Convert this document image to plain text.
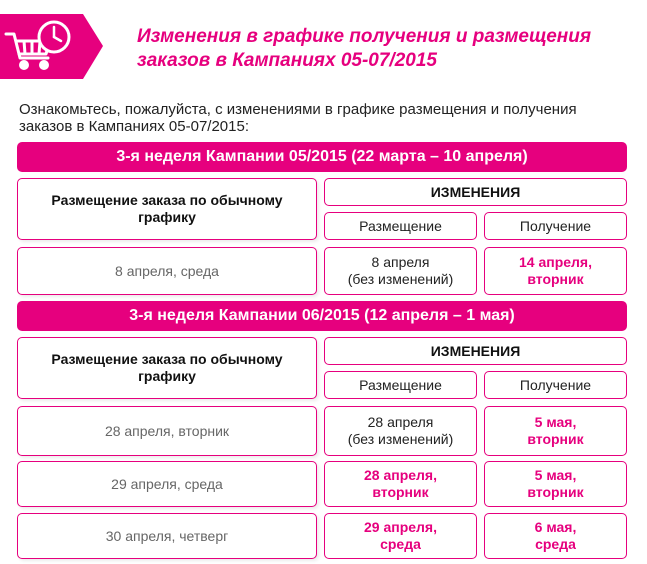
Изменения в графике получения и размещения заказов в Кампаниях 05-07/2015
Ознакомьтесь, пожалуйста, с изменениями в графике размещения и получения заказов в Кампаниях 05-07/2015:
3-я неделя Кампании 05/2015 (22 марта – 10 апреля)
Размещение заказа по обычному графику
ИЗМЕНЕНИЯ
Размещение	Получение
8 апреля, среда
8 апреля
(без изменений)
14 апреля,
вторник
3-я неделя Кампании 06/2015 (12 апреля – 1 мая)
Размещение заказа по обычному графику
ИЗМЕНЕНИЯ
Размещение	Получение
28 апреля, вторник
28 апреля
(без изменений)
5 мая,
вторник
29 апреля, среда
28 апреля,
вторник
5 мая,
вторник
30 апреля, четверг
29 апреля,
среда
6 мая,
среда
